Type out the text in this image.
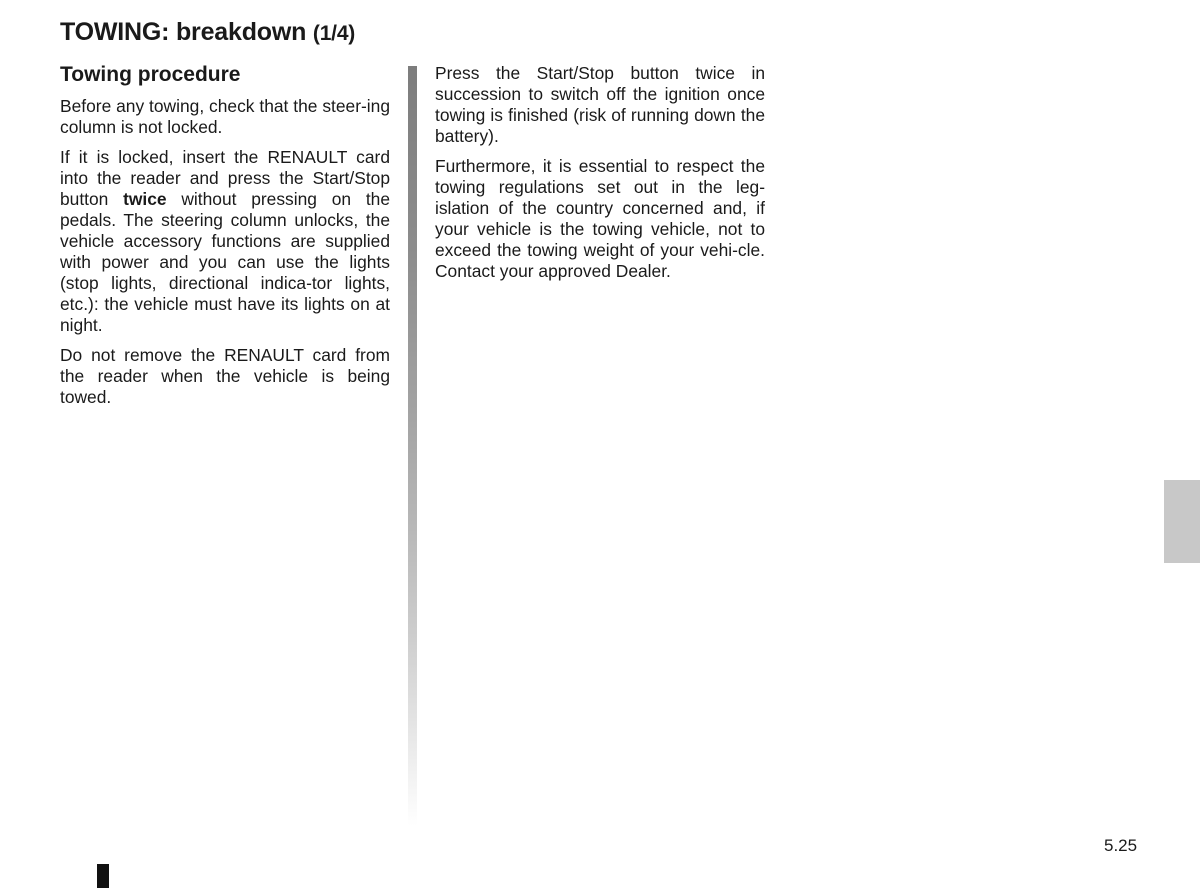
TOWING: breakdown (1/4)
Towing procedure

Before any towing, check that the steer-ing column is not locked.

If it is locked, insert the RENAULT card into the reader and press the Start/Stop button twice without pressing on the pedals. The steering column unlocks, the vehicle accessory functions are supplied with power and you can use the lights (stop lights, directional indica-tor lights, etc.): the vehicle must have its lights on at night.

Do not remove the RENAULT card from the reader when the vehicle is being towed.

Press the Start/Stop button twice in succession to switch off the ignition once towing is finished (risk of running down the battery).

Furthermore, it is essential to respect the towing regulations set out in the leg-islation of the country concerned and, if your vehicle is the towing vehicle, not to exceed the towing weight of your vehi-cle. Contact your approved Dealer.

5.25
